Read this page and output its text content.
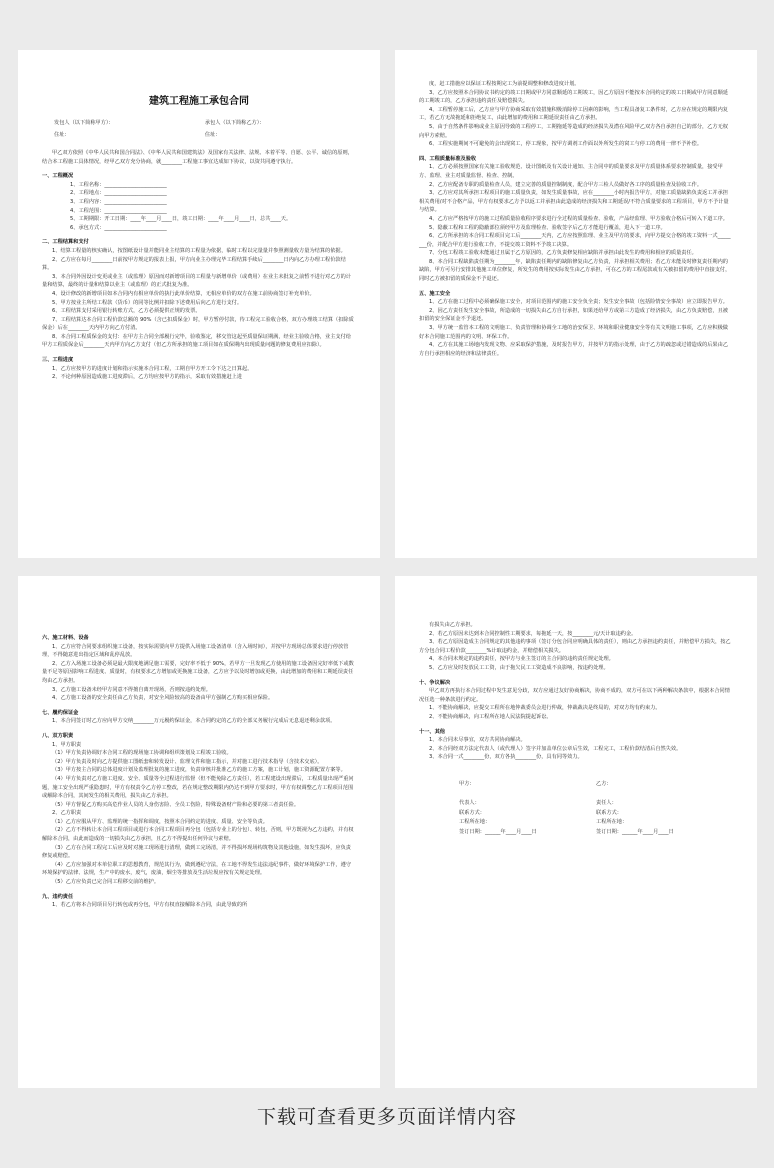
建筑工程施工承包合同
发包人（以下简称甲方）：	承包人（以下简称乙方）：
住址：	住址：
甲乙双方依照《中华人民共和国合同法》、《中华人民共和国建筑法》及国家有关法律、法规、本着平等、自愿、公平、诚信的原则，结合本工程施工具体情况，经甲乙双方充分协商，就________工程施工事宜达成如下协议，以资共同遵守执行。
一、工程概况
1、工程名称：________________________
2、工程地点：________________________
3、工程内容：________________________
4、工程范围：________________________
5、工期期限：开工日期：____年____月____日，竣工日期：____年____月____日，总共____天。
6、承包方式：________________________
二、工程结算和支付
1、结算工程量的核实确认，按图纸设计量并能同业主结算的工程量为依据，临时工程以完量量并参照测量收方量为结算的依据。
2、乙方应在每月________日前按甲方规定的报表上报，甲方向业主办理完毕工程结算手续后________日内向乙方办理工程价款结算。
3、本合同外因设计变更或业主（或监理）原因而对新增项目的工程量与新增单价（或费用）在业主未批复之前暂不进行对乙方的计量和结算，最终的计量和结算以业主（或监理）的正式批复为准。
4、设计修改的新增项目如本合同内有相应单价的执行此单价结算，无相应单价的双方在施工前协商签订补充单价。
5、甲方按业主所结工程款（货币）的同等比例并扣除下述费用后向乙方进行支付。
6、工程结算支付采用银行转账方式，乙方必须提供正规的发票。
7、工程结算达本合同工程价款总额的 90%（含已扣质保金）时，甲方暂停付款，待工程完工验收合格，双方办理竣工结算（扣除质保金）后在________天内甲方向乙方付清。
8、本合同工程质保金的支付：在甲方主合同全部履行完毕，验收鉴定，移交管这起至质量保证期满，经业主验收合格，业主支付给甲方工程质保金后________天内甲方向乙方支付（但乙方所承担的施工项目如在质保期内出现质量问题的修复费用应扣除）。
三、工程进度
1、乙方应按甲方的进度计划和指示实施本合同工程，工期自甲方开工令下达之日算起。
2、不论何种原因造成施工进度滞后，乙方均应按甲方的指示，采取有效措施赶上进
度，赶工措施应以保证工程按期完工为前提调整和修改进度计划。
3、乙方应按照本合同协议书约定的竣工日期或甲方同意顺延的工期竣工，因乙方原因不能按本合同约定的竣工日期或甲方同意顺延的工期竣工的，乙方承担违约责任及赔偿损失。
4、工程暂停施工后，乙方应与甲方协商采取有效措施积极消除停工因素的影响，当工程具备复工条件时，乙方应在规定的期限内复工，若乙方无故拖延和拒绝复工，由此增加的费用和工期延误责任由乙方承担。
5、由于自然条件影响或业主原因导致的工程停工，工期拖延等造成的经济损失及潜在风险甲乙双方各自承担自己的部分，乙方无权向甲方索赔。
6、工程实施期间不可避免的会出现窝工，停工现象，按甲方调剂工作面以外所发生的窝工与停工的费用一律不予补偿。
四、工程质量标准及验收
1、乙方必须按照国家有关施工验收规范、设计图纸及有关设计通知、主合同中的质量要求及甲方质量体系要求控制质量，接受甲方、监理、业主对质量监督、检查、控制。
2、乙方应配备专职的质量检查人员，建立完善的质量控制制度，配合甲方三检人员做好各工序的质量检查及验收工作。
3、乙方应对其所承担工程项目的施工质量负责，如发生质量事故，应在________小时内报告甲方，对施工质量缺陷负责返工并承担相关费用/对不合格产品，甲方有权要求乙方予以返工并承担由此造成的经济损失和工期延误/不符合质量要求的工程项目，甲方不予计量与结算。
4、乙方应严格按甲方的施工过程质量验收程序要求进行全过程的质量检查、验收，产品经监理、甲方验收合格后可转入下道工序。
5、隐蔽工程和工程的隐蔽部位须经甲方及监理检查、验收签字后乙方才能进行覆盖，进入下一道工序。
6、乙方所承担的本合同工程项目完工后________天内，乙方应按照监理、业主及甲方的要求，向甲方提交合格的竣工资料一式________份，并配合甲方进行验收工作，不提交竣工资料不予竣工决算。
7、分包工程竣工验收未能通过且属于乙方原因的，乙方负责修复相应缺陷并承担由此发生的费用和相应的质量责任。
8、本合同工程缺陷责任期为________年，缺陷责任期内的缺陷修复由乙方负责，并承担相关费用；若乙方未能及时修复责任期内的缺陷，甲方可另行安排其他施工单位修复，所发生的费用按实际发生由乙方承担，可在乙方的工程尾款或有关被扣留的费用中直接支付，同时乙方被扣留的质保金不予退还。
五、施工安全
1、乙方在施工过程中必须确保施工安全，对项目范围内的施工安全负全责；发生安全事故（包括险情安全事故）应立即报告甲方。
2、因乙方责任发生安全事故，所造成的一切损失由乙方自行承担，如果还给甲方或第三方造成了经济损失，由乙方负责赔偿，且被扣留的安全保证金不予退还。
3、甲方统一监管本工程的文明施工、负责管理和协调全工地的治安保卫、环境和职业健康安全等有关文明施工事项，乙方应积极做好本合同施工范围内的文明、环保工作。
4、乙方在其施工场地内发现文物、应采取保护措施，及时报告甲方，并按甲方的指示处理，由于乙方的疏忽或过错造成的后果由乙方自行承担相应的经济和法律责任。
六、施工材料、设备
1、乙方应符合同要求组织施工设备，按实际需要向甲方提供入场施工设备清单（含入场时间），并按甲方现场总体要求进行停放管理，不得随意进出指定区域和乱停乱放。
2、乙方入场施工设备必须是最大限度地满足施工需要，完好率不低于 90%，若甲方一旦发现乙方使用的施工设备因完好率低下或数量不足等原因影响工程进度、质量时，有权要求乙方增加或更换施工设备，乙方应予以及时增加或更换，由此增加的费用和工期延误责任均由乙方承担。
3、乙方施工设备未经甲方同意不得擅自离开现场，否则按违约处理。
4、乙方施工设备的安全责任由乙方负责，对安全风险较高的设备由甲方强制乙方购买相应保险。
七、履约保证金
1、本合同签订时乙方应向甲方交纳________万元履约保证金，本合同约定的乙方的全部义务履行完成后无息退还剩余款项。
八、双方职责
1、甲方职责
（1）甲方负责协调好本合同工程的现场施工协调和组织策划及工程竣工验收。
（2）甲方负责及时向乙方提供施工图纸套和转发设计、监理文件和施工指示，并对施工进行技术指导（含技术交底）。
（3）甲方按主合同的总体进度计划及监理批复的施工进度，负责审核并批准乙方的施工方案，施工计划，施工资源配置方案等。
（4）甲方负责对乙方施工进度、安全、质量等全过程进行监督（但不能免除乙方责任），若工程建设出现滞后，工程质量出现严重问题，施工安全出现严重隐患时，甲方有权责令乙方停工整改，若在规定整改期限内仍达不到甲方要求时，甲方有权调整乙方工程项目范围或解除本合同，其间发生的相关费用，损失由乙方承担。
（5）甲方督促乙方购买高危作业人员的人身伤害险、全员工伤险，特殊设备财产险和必要的第三者责任险。
2、乙方职责
（1）乙方应服从甲方、监理的统一指挥和调度，按照本合同约定的进度、质量、安全等负责。
（2）乙方不得转让本合同工程项目或进行本合同工程项目再分包（包括专业上的分包）、转包，否则，甲方既视为乙方违约，并有权解除本合同，由此而造成的一切损失由乙方承担，且乙方不得提出任何异议与索赔。
（3）乙方在合同工程完工后应及时对施工现场进行清理，做到工完场清，并不得损坏现场构筑物及其他设施，如发生损坏，应负责修复或赔偿。
（4）乙方应加强对本单位职工的思想教育，规范其行为，做到遵纪守法，在工地不得发生违法违纪事件，做好环境保护工作，遵守环境保护的法律、法规，生产中的废水，废气，废油，烟尘等排放及生活垃圾应按有关规定处理。
（5）乙方应负责已完合同工程移交前的维护。
九、违约责任
1、若乙方将本合同项目另行转包或再分包，甲方有权直接解除本合同，由此导致的所
有损失由乙方承担。
2、若乙方原因未达到本合同控制性工期要求，每拖延一天，按________元/天计取违约金。
3、若乙方原因造成主合同规定的其他违约事项（签订分包合同应明确具体的责任），则由乙方承担违约责任，并赔偿甲方损失，按乙方分包合同工程价款________%计取违约金，并赔偿相关损失。
4、本合同未规定的违约责任，按甲方与业主签订的主合同的违约责任规定处理。
5、乙方应及时发放民工工资，由于拖欠民工工资造成不良影响，按违约处理。
十、争议解决
甲乙双方再执行本合同过程中发生意见分歧，双方应通过友好协商解决，协商不成的，双方可在以下两种解决条款中，根据本合同情况任选一种条款进行约定。
1、不能协商解决，应提交工程所在地仲裁委员会进行仲裁，仲裁裁决是终局的，对双方均有约束力。
2、不能协商解决，向工程所在地人民法院提起诉讼。
十一、其他
1、本合同未尽事宜，双方共同协商解决。
2、本合同经双方法定代表人（或代理人）签字并加盖单位公章后生效，工程完工，工程价款结清后自然失效。
3、本合同一式________份，双方各执________份，具有同等效力。
甲方：
代表人：
联系方式：
工程所在地：
签订日期：______年____月____日
乙方：
责任人：
联系方式：
工程所在地：
签订日期：______年____月____日
下载可查看更多页面详情内容
